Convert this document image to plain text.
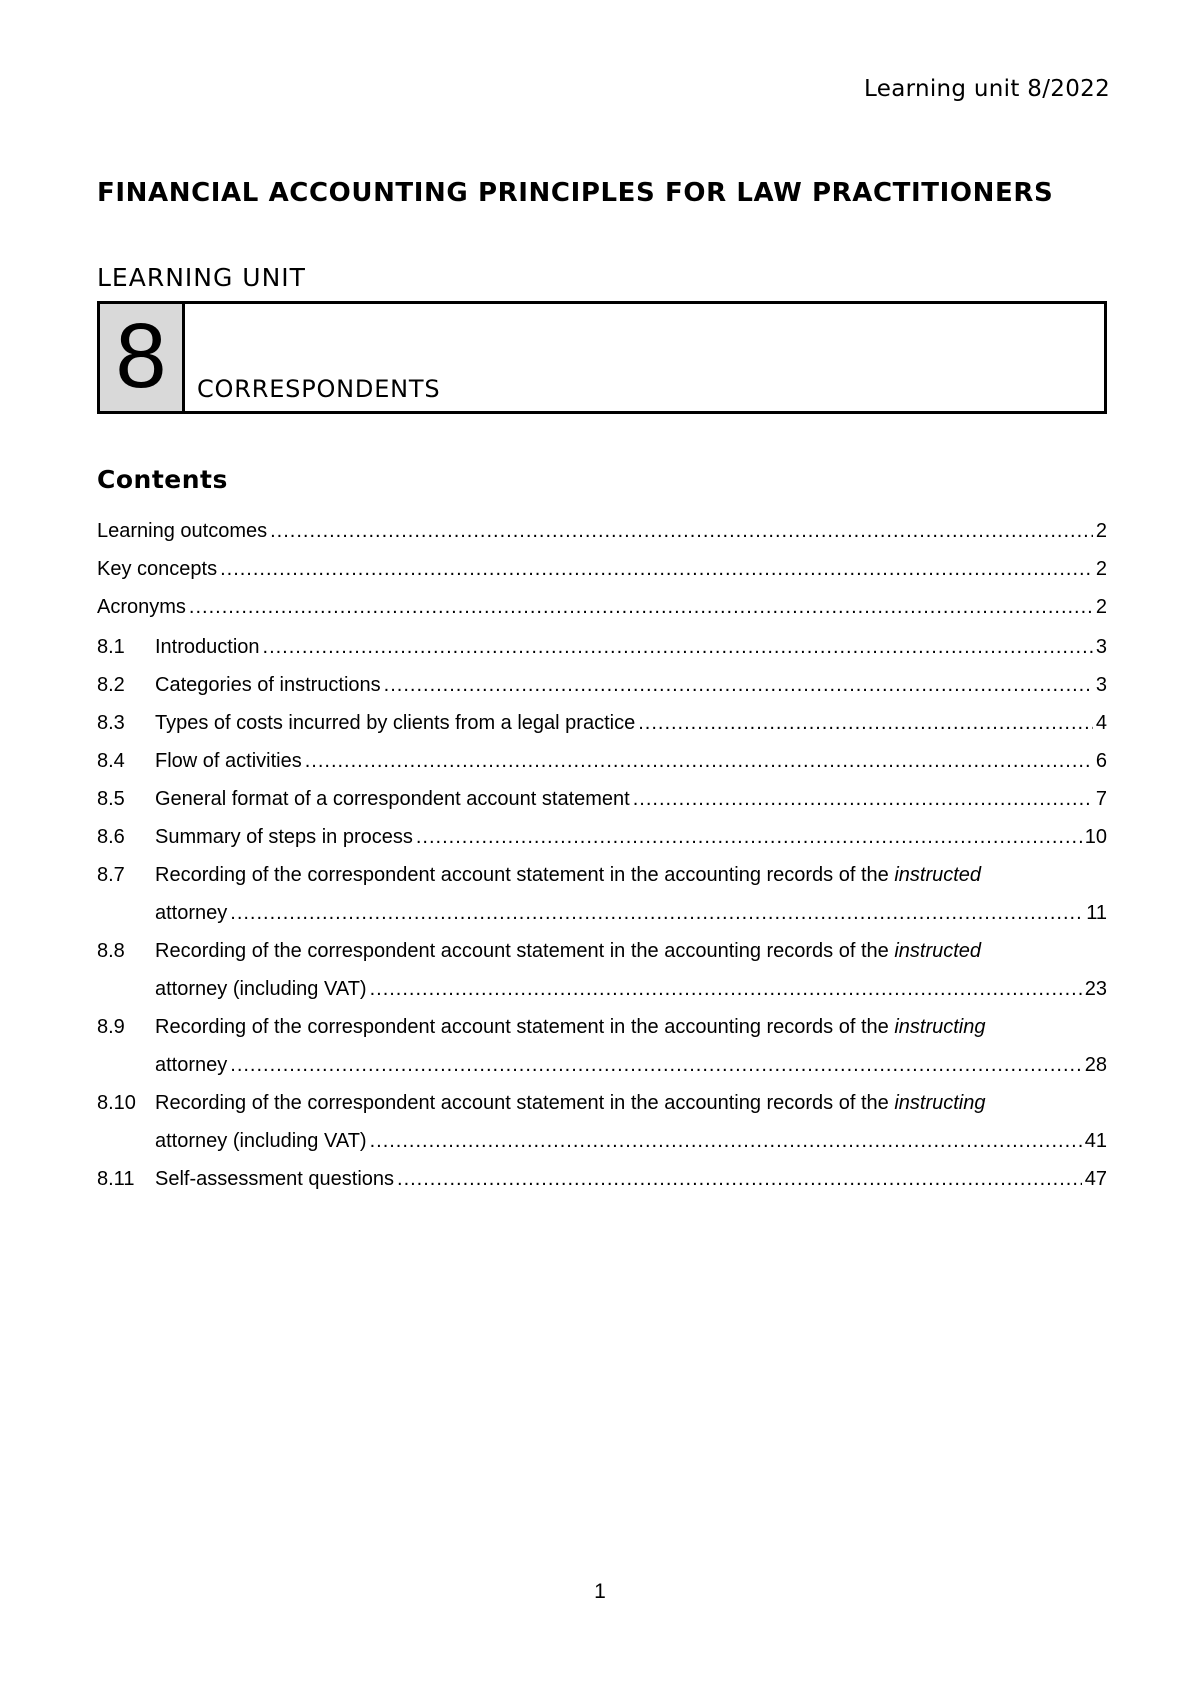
Learning unit 8/2022
FINANCIAL ACCOUNTING PRINCIPLES FOR LAW PRACTITIONERS
LEARNING UNIT
8 CORRESPONDENTS
Contents
Learning outcomes .....	2
Key concepts .....	2
Acronyms .....	2
8.1	Introduction .....	3
8.2	Categories of instructions .....	3
8.3	Types of costs incurred by clients from a legal practice .....	4
8.4	Flow of activities .....	6
8.5	General format of a correspondent account statement .....	7
8.6	Summary of steps in process .....	10
8.7	Recording of the correspondent account statement in the accounting records of the instructed
attorney .....	11
8.8	Recording of the correspondent account statement in the accounting records of the instructed
attorney (including VAT) .....	23
8.9	Recording of the correspondent account statement in the accounting records of the instructing
attorney .....	28
8.10 Recording of the correspondent account statement in the accounting records of the instructing
attorney (including VAT) .....	41
8.11	Self-assessment questions .....	47
1
